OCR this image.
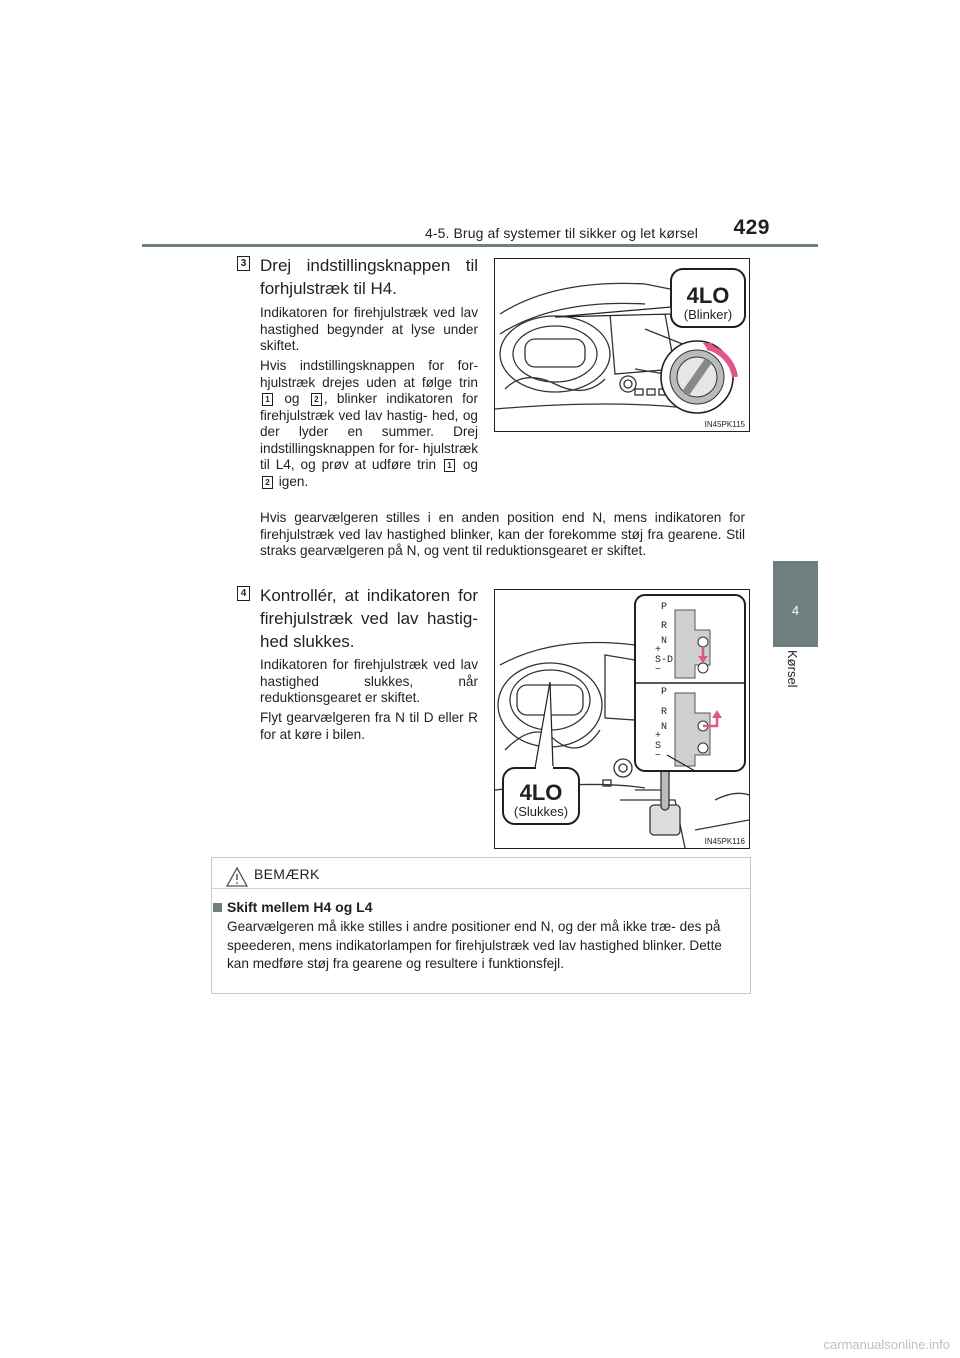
4-5. Brug af systemer til sikker og let kørsel 429
4
Kørsel
3 Drej indstillingsknappen til
forhjulstræk til H4.
Indikatoren for firehjulstræk ved lav hastighed begynder at lyse under skiftet.
Hvis indstillingsknappen for for- hjulstræk drejes uden at følge trin 1 og 2 , blinker indikatoren for firehjulstræk ved lav hastig- hed, og der lyder en summer. Drej indstillingsknappen for for- hjulstræk til L4, og prøv at udføre trin 1 og 2 igen.
Hvis gearvælgeren stilles i en anden position end N, mens indikatoren for firehjulstræk ved lav hastighed blinker, kan der forekomme støj fra gearene. Stil straks gearvælgeren på N, og vent til reduktionsgearet er skiftet.
4LO
(Blinker)
IN45PK115
4 Kontrollér, at indikatoren for
firehjulstræk ved lav hastig-
hed slukkes.
Indikatoren for firehjulstræk ved lav hastighed slukkes, når reduktionsgearet er skiftet.
Flyt gearvælgeren fra N til D eller R for at køre i bilen.
P
R
N
+
S-D
−
P
R
N
+
S
−
4LO
(Slukkes)
IN45PK116
BEMÆRK
Skift mellem H4 og L4
Gearvælgeren må ikke stilles i andre positioner end N, og der må ikke træ- des på speederen, mens indikatorlampen for firehjulstræk ved lav hastighed blinker. Dette kan medføre støj fra gearene og resultere i funktionsfejl.
carmanualsonline.info
